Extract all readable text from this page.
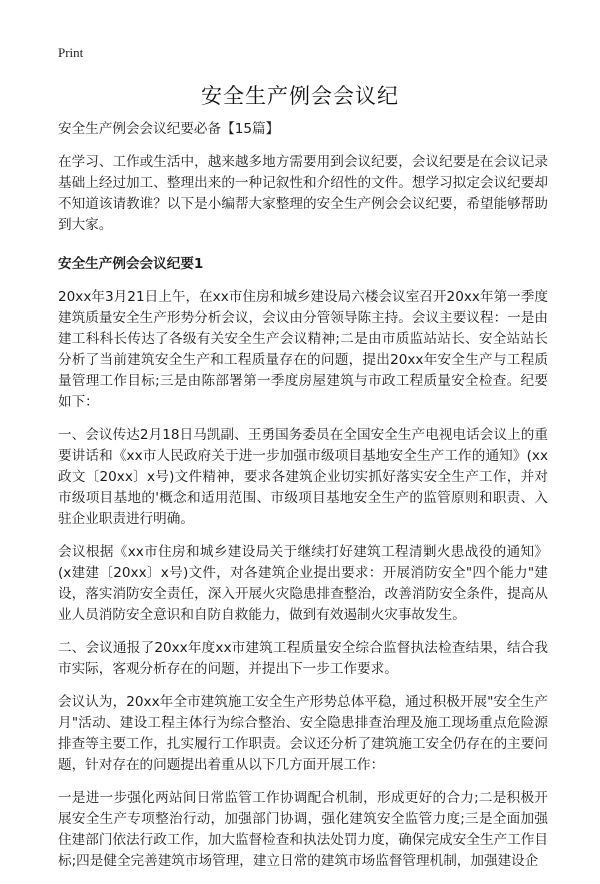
Print
安全生产例会会议纪

安全生产例会会议纪要必备【15篇】

在学习、工作或生活中，越来越多地方需要用到会议纪要，会议纪要是在会议记录基础上经过加工、整理出来的一种记叙性和介绍性的文件。想学习拟定会议纪要却不知道该请教谁？以下是小编帮大家整理的安全生产例会会议纪要，希望能够帮助到大家。

安全生产例会会议纪要1

20xx年3月21日上午，在xx市住房和城乡建设局六楼会议室召开20xx年第一季度建筑质量安全生产形势分析会议，会议由分管领导陈主持。会议主要议程：一是由建工科科长传达了各级有关安全生产会议精神;二是由市质监站站长、安全站站长分析了当前建筑安全生产和工程质量存在的问题，提出20xx年安全生产与工程质量管理工作目标;三是由陈部署第一季度房屋建筑与市政工程质量安全检查。纪要如下：

一、会议传达2月18日马凯副、王勇国务委员在全国安全生产电视电话会议上的重要讲话和《xx市人民政府关于进一步加强市级项目基地安全生产工作的通知》(xx政文〔20xx〕x号)文件精神，要求各建筑企业切实抓好落实安全生产工作，并对市级项目基地的'概念和适用范围、市级项目基地安全生产的监管原则和职责、入驻企业职责进行明确。

会议根据《xx市住房和城乡建设局关于继续打好建筑工程清剿火患战役的通知》(x建建〔20xx〕x号)文件，对各建筑企业提出要求：开展消防安全"四个能力"建设，落实消防安全责任，深入开展火灾隐患排查整治，改善消防安全条件，提高从业人员消防安全意识和自防自救能力，做到有效遏制火灾事故发生。

二、会议通报了20xx年度xx市建筑工程质量安全综合监督执法检查结果，结合我市实际，客观分析存在的问题，并提出下一步工作要求。

会议认为，20xx年全市建筑施工安全生产形势总体平稳，通过积极开展"安全生产月"活动、建设工程主体行为综合整治、安全隐患排查治理及施工现场重点危险源排查等主要工作，扎实履行工作职责。会议还分析了建筑施工安全仍存在的主要问题，针对存在的问题提出着重从以下几方面开展工作：

一是进一步强化两站间日常监管工作协调配合机制，形成更好的合力;二是积极开展安全生产专项整治行动，加强部门协调，强化建筑安全监管力度;三是全面加强住建部门依法行政工作，加大监督检查和执法处罚力度，确保完成安全生产工作目标;四是健全完善建筑市场管理，建立日常的建筑市场监督管理机制，加强建设企
